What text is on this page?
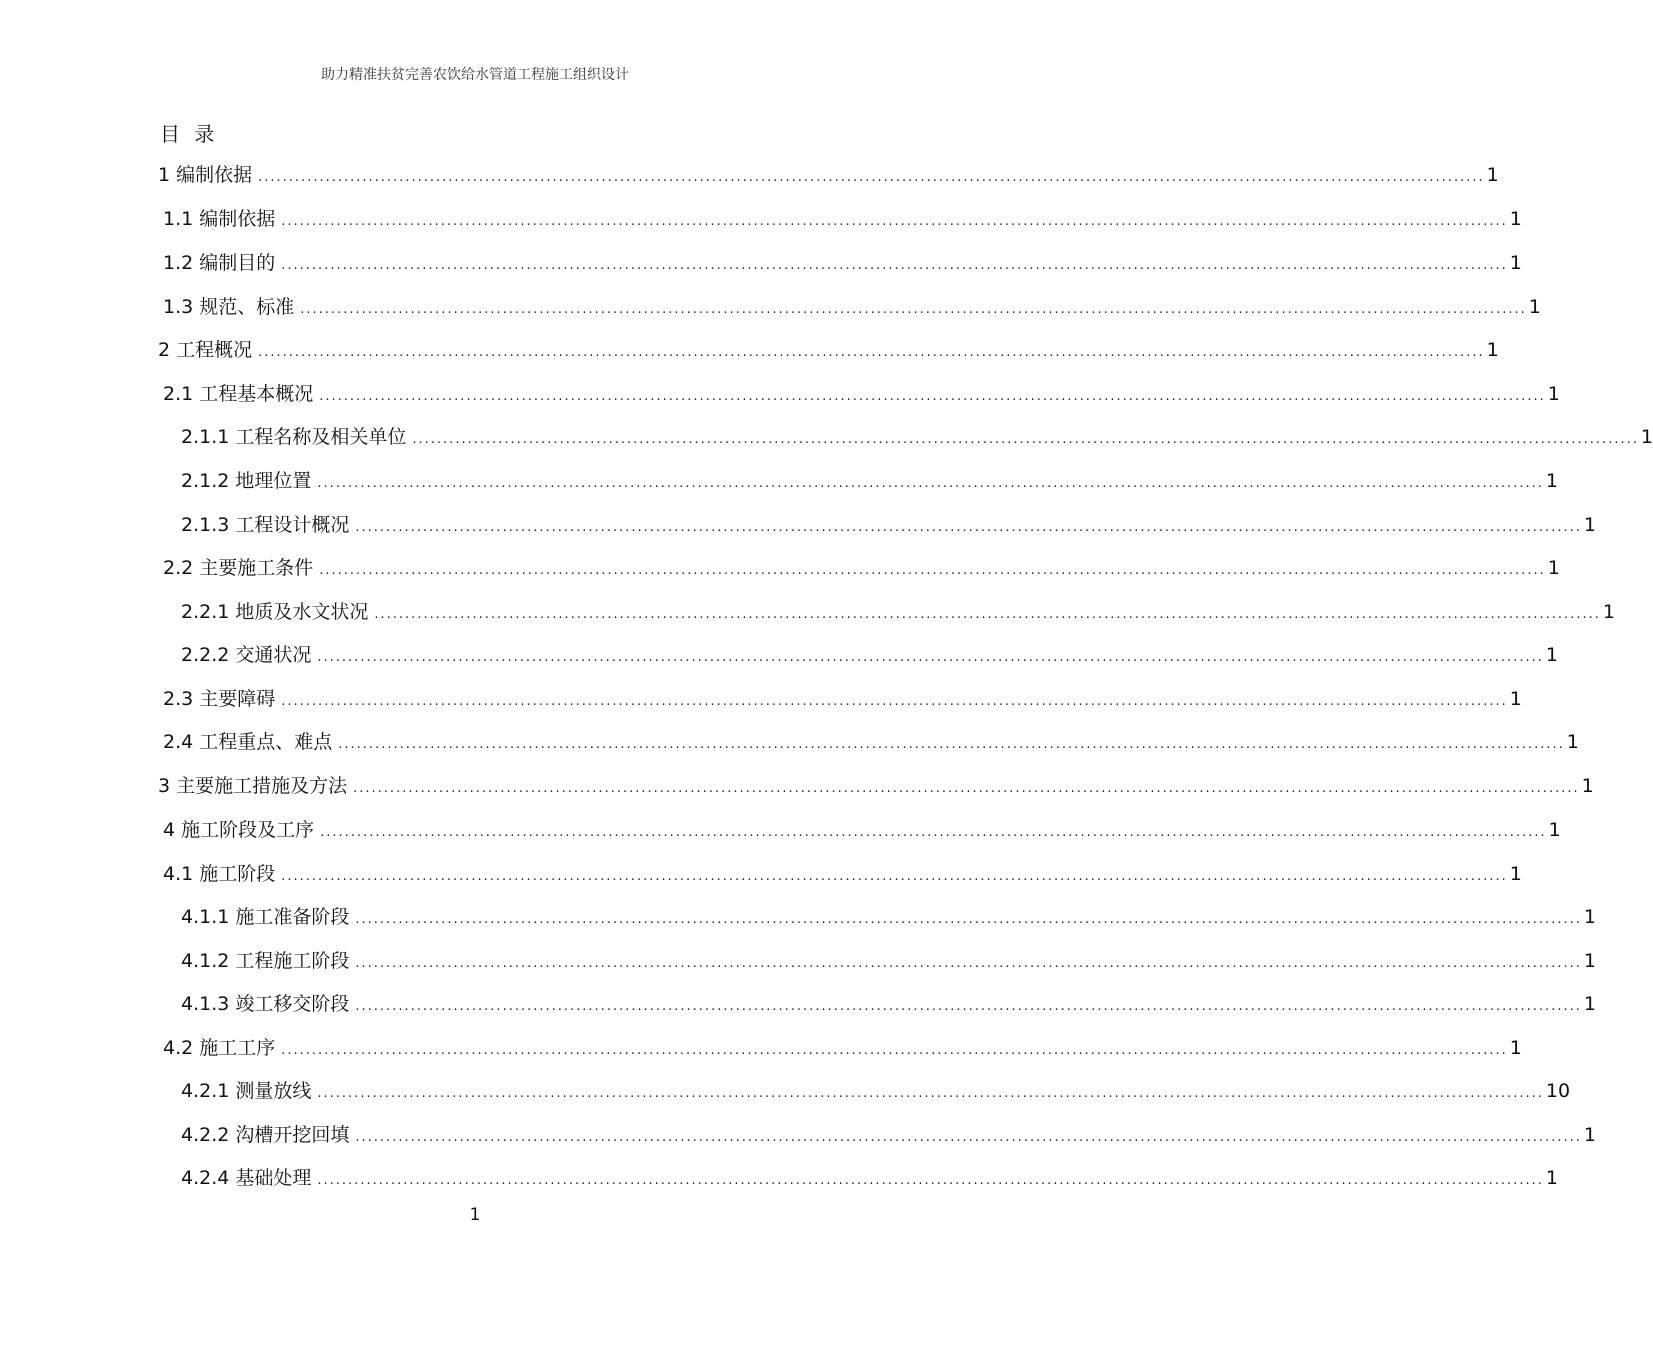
助力精准扶贫完善农饮给水管道工程施工组织设计
目 录
1 编制依据 ........................................................................................................................................................................................................ 1
1.1 编制依据 ........................................................................................................................................................................................................ 1
1.2 编制目的 ........................................................................................................................................................................................................ 1
1.3 规范、标准 ........................................................................................................................................................................................................ 1
2 工程概况 ........................................................................................................................................................................................................ 1
2.1 工程基本概况 ........................................................................................................................................................................................................ 1
2.1.1 工程名称及相关单位 ........................................................................................................................................................................................................ 1
2.1.2 地理位置 ........................................................................................................................................................................................................ 1
2.1.3 工程设计概况 ........................................................................................................................................................................................................ 1
2.2 主要施工条件 ........................................................................................................................................................................................................ 1
2.2.1 地质及水文状况 ........................................................................................................................................................................................................ 1
2.2.2 交通状况 ........................................................................................................................................................................................................ 1
2.3 主要障碍 ........................................................................................................................................................................................................ 1
2.4 工程重点、难点 ........................................................................................................................................................................................................ 1
3 主要施工措施及方法 ........................................................................................................................................................................................................ 1
4 施工阶段及工序 ........................................................................................................................................................................................................ 1
4.1 施工阶段 ........................................................................................................................................................................................................ 1
4.1.1 施工准备阶段 ........................................................................................................................................................................................................ 1
4.1.2 工程施工阶段 ........................................................................................................................................................................................................ 1
4.1.3 竣工移交阶段 ........................................................................................................................................................................................................ 1
4.2 施工工序 ........................................................................................................................................................................................................ 1
4.2.1 测量放线 ........................................................................................................................................................................................................ 10
4.2.2 沟槽开挖回填 ........................................................................................................................................................................................................ 1
4.2.4 基础处理 ........................................................................................................................................................................................................ 1
1
